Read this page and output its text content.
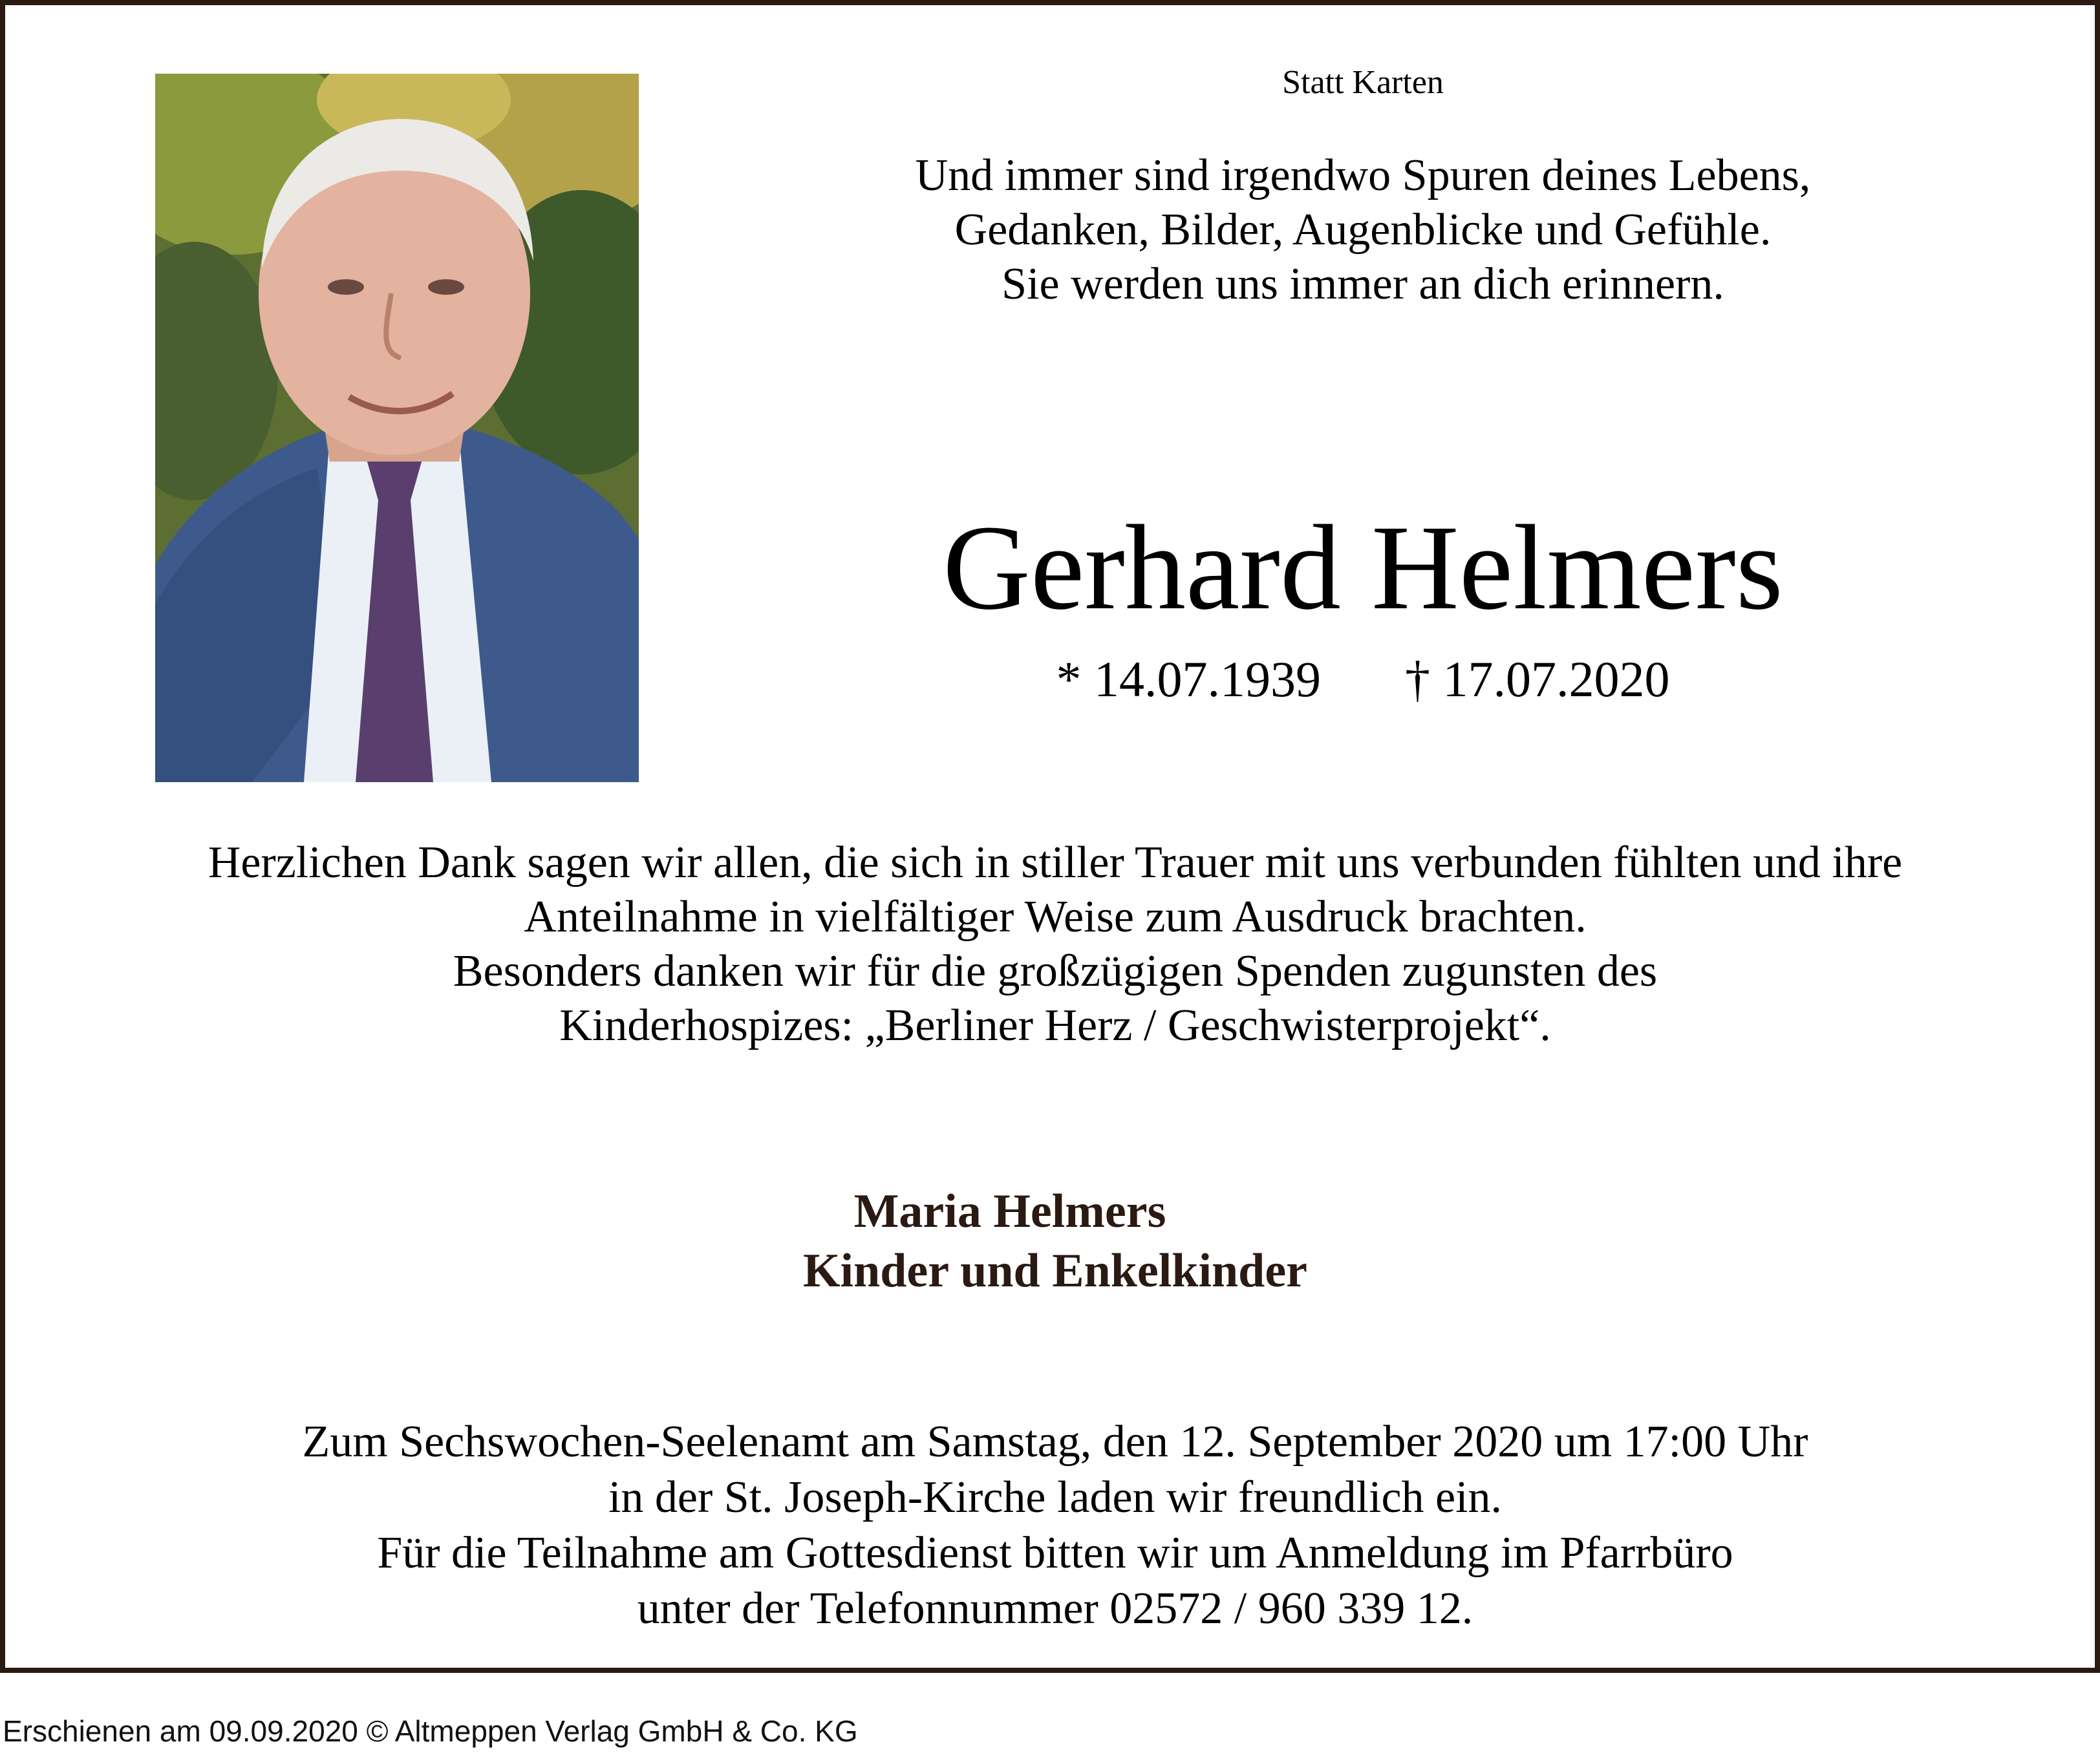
Statt Karten
Und immer sind irgendwo Spuren deines Lebens,
Gedanken, Bilder, Augenblicke und Gefühle.
Sie werden uns immer an dich erinnern.
Gerhard Helmers
* 14.07.1939 † 17.07.2020
Herzlichen Dank sagen wir allen, die sich in stiller Trauer mit uns verbunden fühlten und ihre
Anteilnahme in vielfältiger Weise zum Ausdruck brachten.
Besonders danken wir für die großzügigen Spenden zugunsten des
Kinderhospizes: „Berliner Herz / Geschwisterprojekt“.
Maria Helmers
Kinder und Enkelkinder
Zum Sechswochen-Seelenamt am Samstag, den 12. September 2020 um 17:00 Uhr
in der St. Joseph-Kirche laden wir freundlich ein.
Für die Teilnahme am Gottesdienst bitten wir um Anmeldung im Pfarrbüro
unter der Telefonnummer 02572 / 960 339 12.
Erschienen am 09.09.2020 © Altmeppen Verlag GmbH & Co. KG
